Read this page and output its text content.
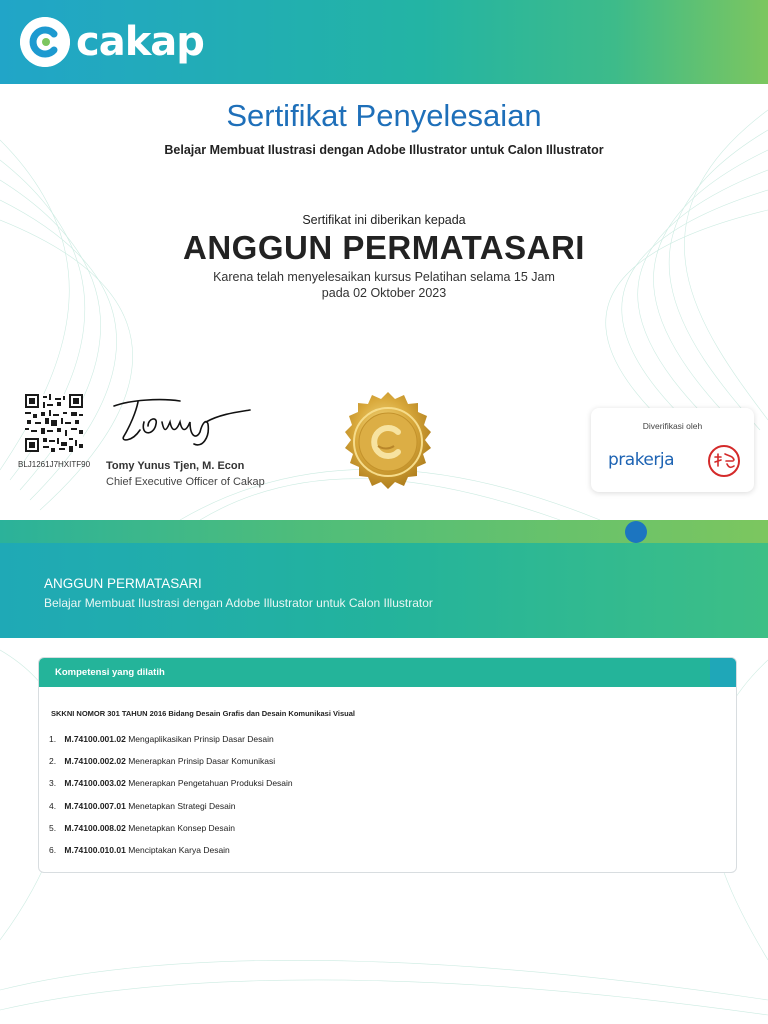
cakap
Sertifikat Penyelesaian
Belajar Membuat Ilustrasi dengan Adobe Illustrator untuk Calon Illustrator
Sertifikat ini diberikan kepada
ANGGUN PERMATASARI
Karena telah menyelesaikan kursus Pelatihan selama 15 Jam
pada 02 Oktober 2023
BLJ1261J7HXITF90 Tomy Yunus Tjen, M. Econ
Chief Executive Officer of Cakap
Diverifikasi oleh
prakerja
ANGGUN PERMATASARI
Belajar Membuat Ilustrasi dengan Adobe Illustrator untuk Calon Illustrator
Kompetensi yang dilatih
SKKNI NOMOR 301 TAHUN 2016 Bidang Desain Grafis dan Desain Komunikasi Visual
1. M.74100.001.02 Mengaplikasikan Prinsip Dasar Desain
2. M.74100.002.02 Menerapkan Prinsip Dasar Komunikasi
3. M.74100.003.02 Menerapkan Pengetahuan Produksi Desain
4. M.74100.007.01 Menetapkan Strategi Desain
5. M.74100.008.02 Menetapkan Konsep Desain
6. M.74100.010.01 Menciptakan Karya Desain
